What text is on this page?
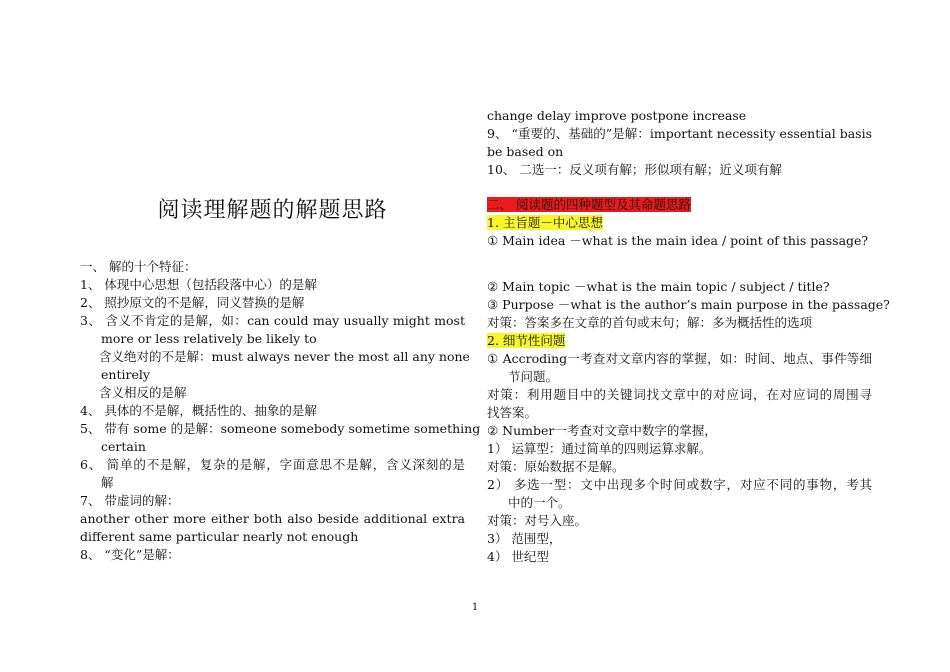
阅读理解题的解题思路
一、 解的十个特征：
1、 体现中心思想（包括段落中心）的是解
2、 照抄原文的不是解，同义替换的是解
3、 含义不肯定的是解，如：can could may usually might most
more or less relatively be likely to
含义绝对的不是解：must always never the most all any none
entirely
含义相反的是解
4、 具体的不是解，概括性的、抽象的是解
5、 带有 some 的是解：someone somebody sometime something
certain
6、 简单的不是解，复杂的是解，字面意思不是解，含义深刻的是
解
7、 带虚词的解：
another other more either both also beside additional extra
different same particular nearly not enough
8、 “变化”是解：
change delay improve postpone increase
9、 “重要的、基础的”是解：important necessity essential basis
be based on
10、 二选一：反义项有解；形似项有解；近义项有解
二、 阅读题的四种题型及其命题思路
1. 主旨题－中心思想
① Main idea －what is the main idea / point of this passage?
② Main topic －what is the main topic / subject / title?
③ Purpose －what is the author’s main purpose in the passage?
对策：答案多在文章的首句或末句；解：多为概括性的选项
2. 细节性问题
① Accroding一考查对文章内容的掌握，如：时间、地点、事件等细
节问题。
对策：利用题目中的关键词找文章中的对应词，在对应词的周围寻
找答案。
② Number一考查对文章中数字的掌握，
1） 运算型：通过简单的四则运算求解。
对策：原始数据不是解。
2） 多选一型：文中出现多个时间或数字，对应不同的事物，考其
中的一个。
对策：对号入座。
3） 范围型，
4） 世纪型
1
